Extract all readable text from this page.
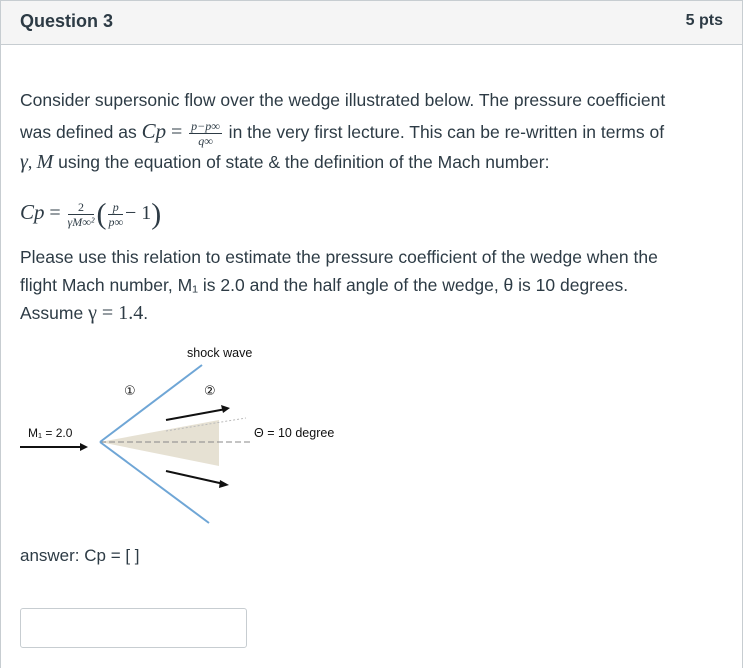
Question 3	5 pts
Consider supersonic flow over the wedge illustrated below. The pressure coefficient
was defined as $Cp = \frac{p-p\infty}{q\infty}$ in the very first lecture. This can be re-written in terms of
γ, M using the equation of state & the definition of the Mach number:
$Cp = \frac{2}{\text{γM∞²}}$ ( $\frac{p}{p\infty} - 1$)
Please use this relation to estimate the pressure coefficient of the wedge when the
flight Mach number, M₁ is 2.0 and the half angle of the wedge, θ is 10 degrees.
Assume γ = 1.4.
shock wave
①	②
M₁ = 2.0	Θ = 10 degree
answer: Cp = [ ]
